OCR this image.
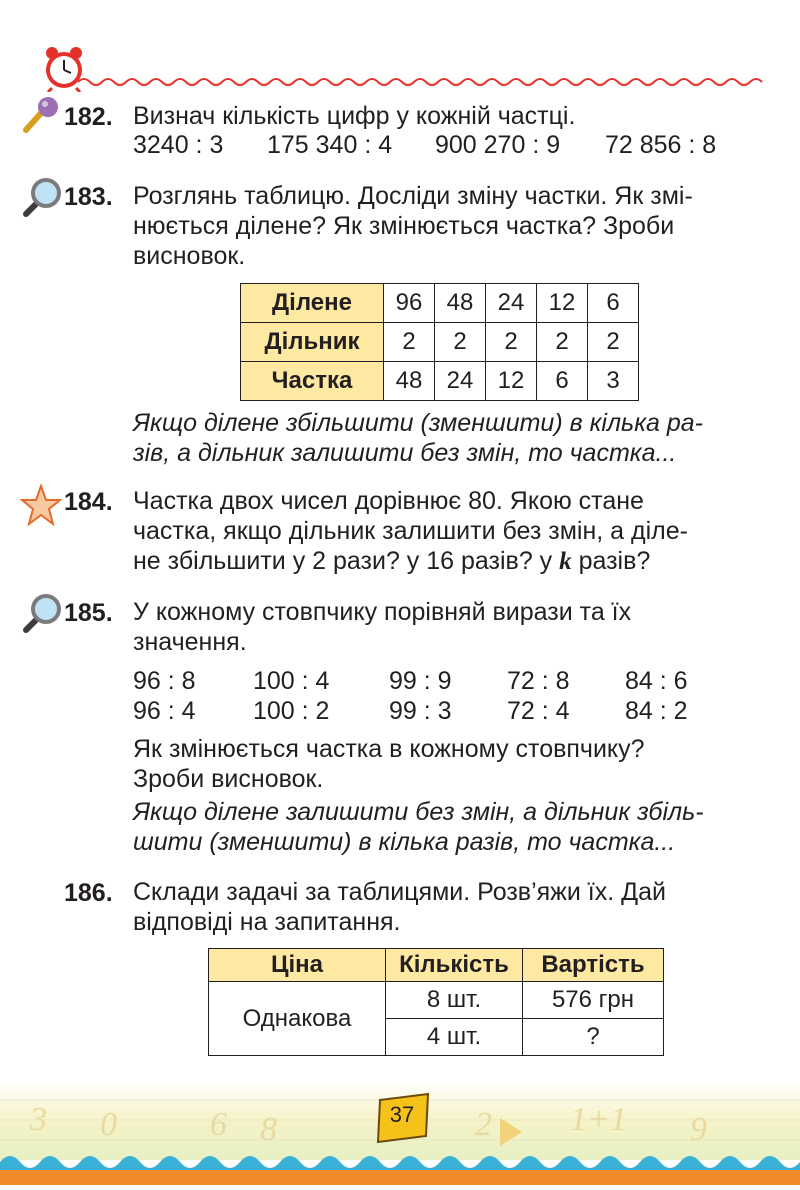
182. Визнач кількість цифр у кожній частці.
3240 : 3	175 340 : 4	900 270 : 9	72 856 : 8
183. Розглянь таблицю. Досліди зміну частки. Як змі-
нюється ділене? Як змінюється частка? Зроби
висновок.
Ділене	96	48	24	12	6
Дільник	2	2	2	2	2
Частка	48	24	12	6	3
Якщо ділене збільшити (зменшити) в кілька ра-
зів, а дільник залишити без змін, то частка...
184. Частка двох чисел дорівнює 80. Якою стане
частка, якщо дільник залишити без змін, а діле-
не збільшити у 2 рази? у 16 разів? у k разів?
185. У кожному стовпчику порівняй вирази та їх
значення.
96 : 8	100 : 4	99 : 9	72 : 8	84 : 6
96 : 4	100 : 2	99 : 3	72 : 4	84 : 2
Як змінюється частка в кожному стовпчику?
Зроби висновок.
Якщо ділене залишити без змін, а дільник збіль-
шити (зменшити) в кілька разів, то частка...
186. Склади задачі за таблицями. Розв’яжи їх. Дай
відповіді на запитання.
Ціна	Кількість	Вартість
Однакова	8 шт.	576 грн
	4 шт.	?
3 0	6 8	2 1+1 9
37
